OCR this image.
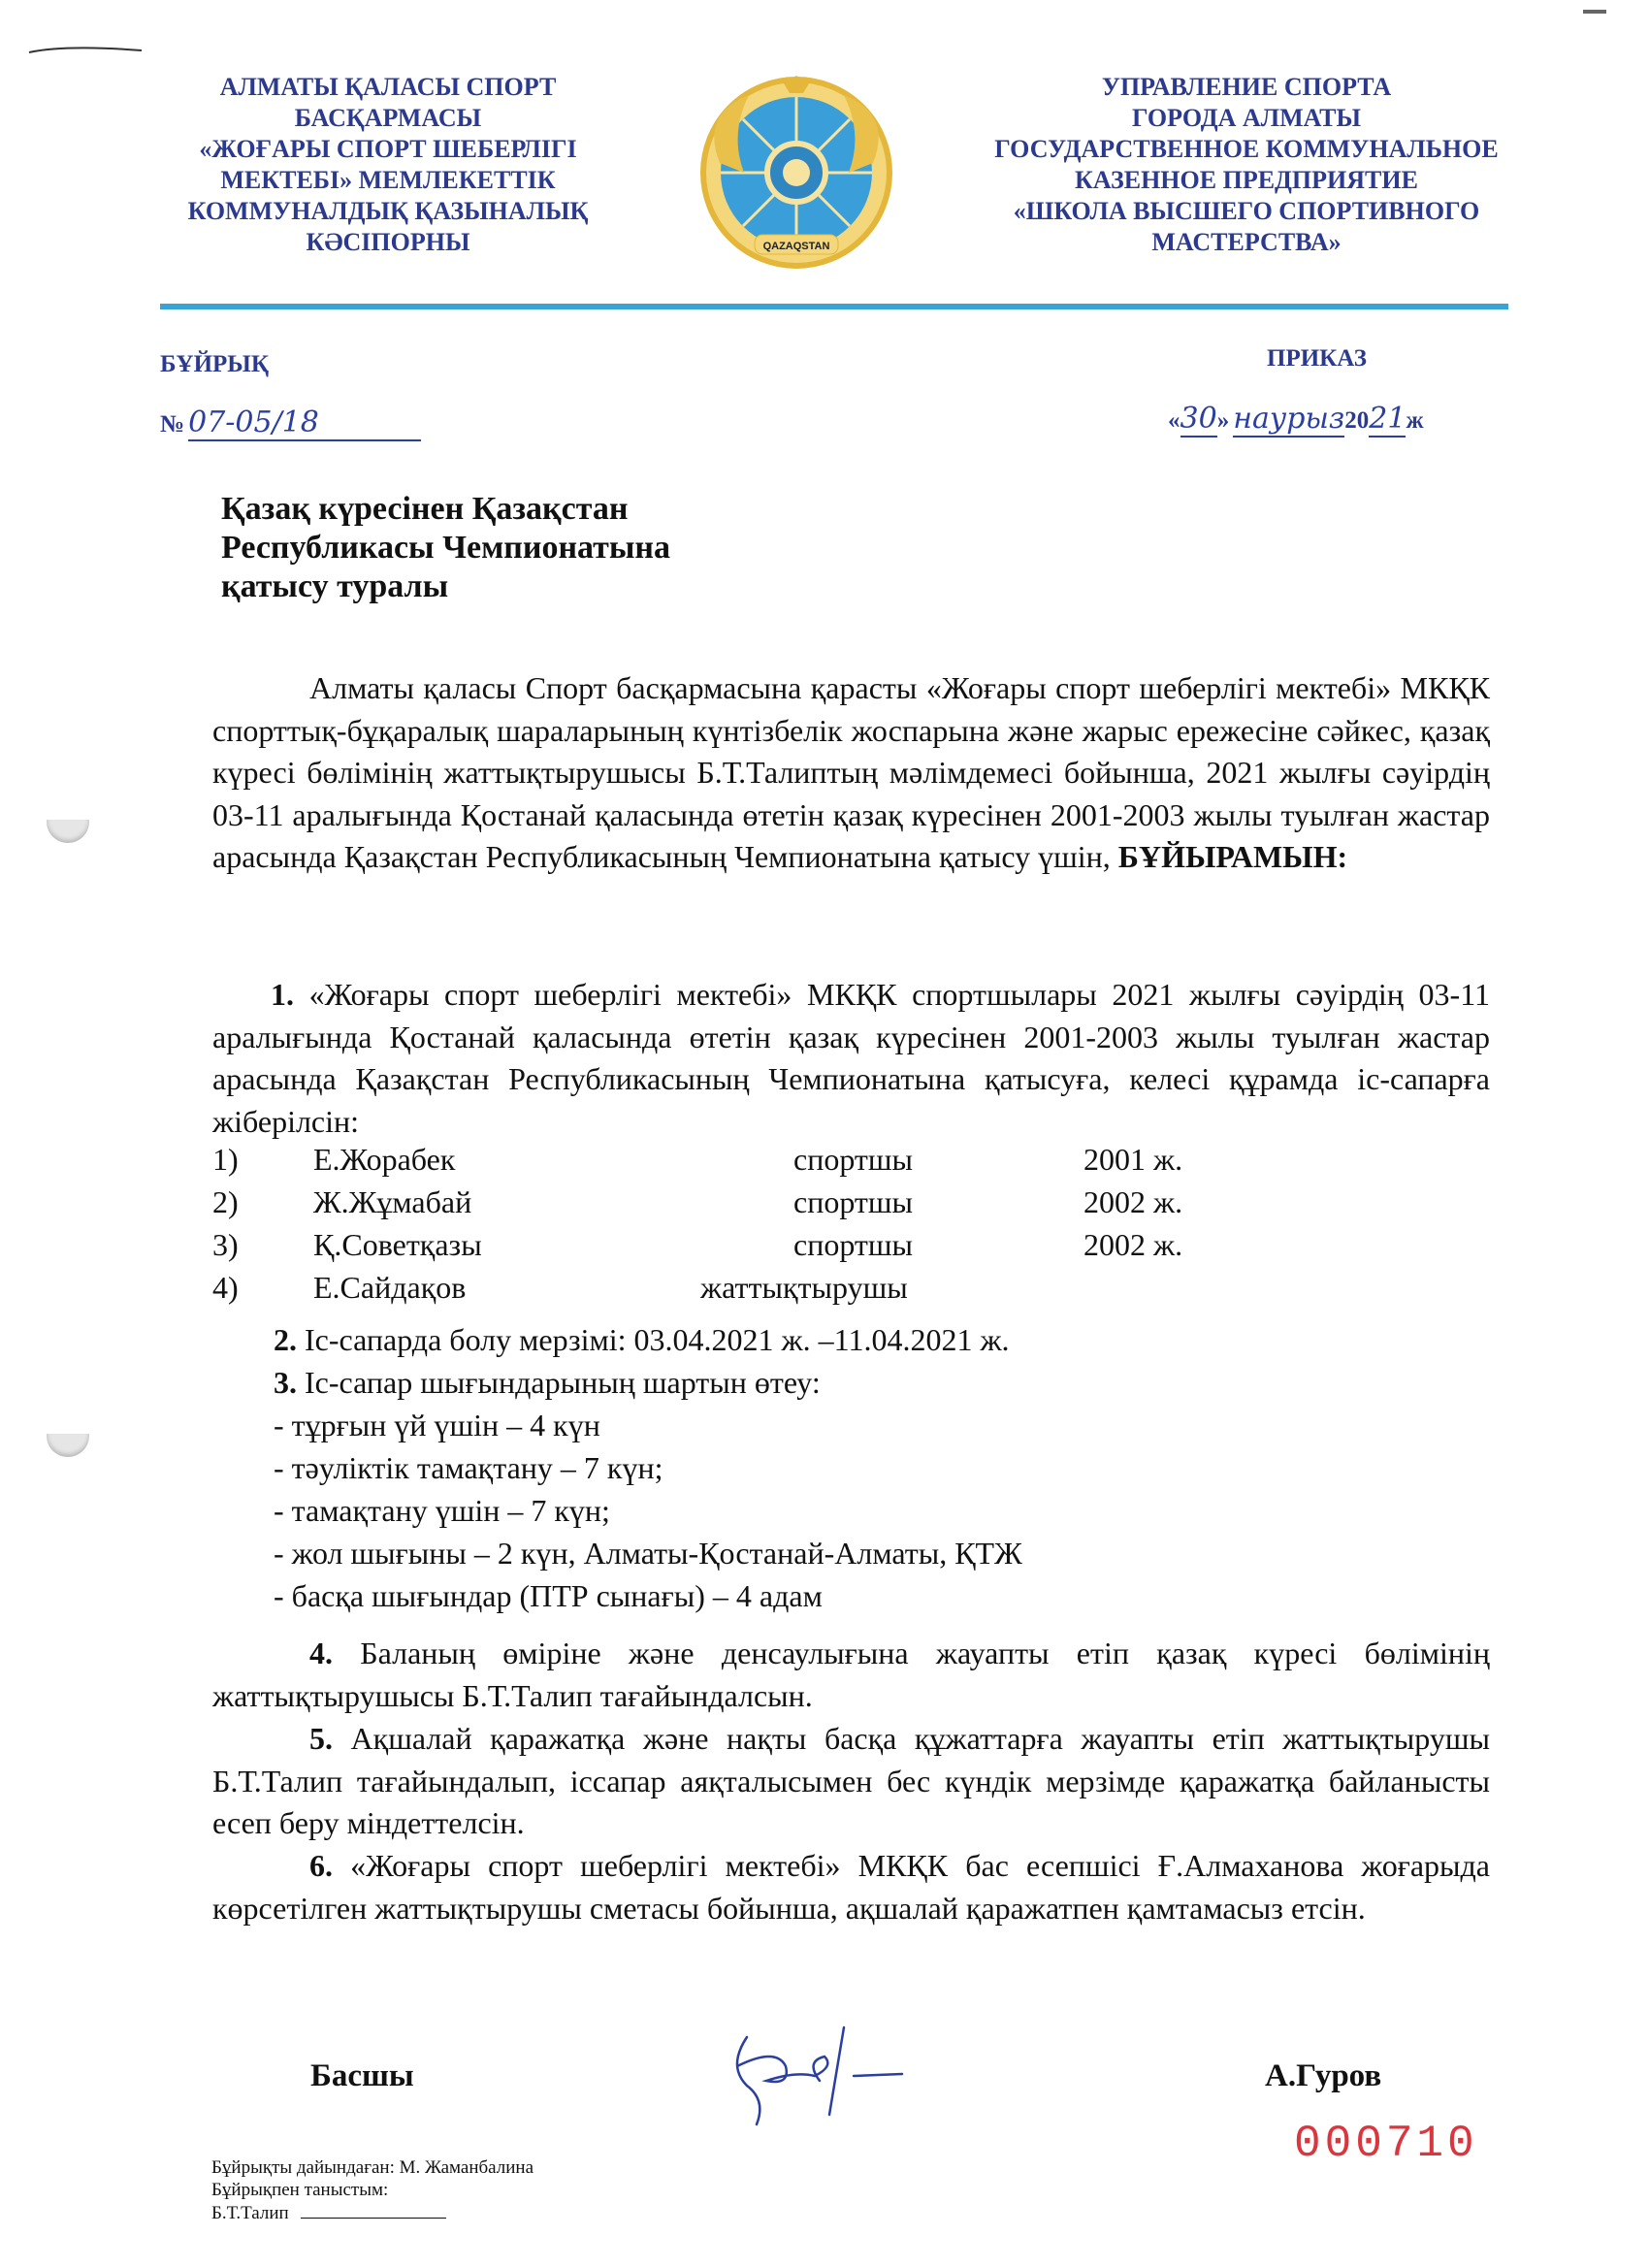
АЛМАТЫ ҚАЛАСЫ СПОРТ
БАСҚАРМАСЫ
«ЖОҒАРЫ СПОРТ ШЕБЕРЛІГІ
МЕКТЕБІ» МЕМЛЕКЕТТІК
КОММУНАЛДЫҚ ҚАЗЫНАЛЫҚ
КӘСІПОРНЫ	QAZAQSTAN
УПРАВЛЕНИЕ СПОРТА
ГОРОДА АЛМАТЫ
ГОСУДАРСТВЕННОЕ КОММУНАЛЬНОЕ
КАЗЕННОЕ ПРЕДПРИЯТИЕ
«ШКОЛА ВЫСШЕГО СПОРТИВНОГО
МАСТЕРСТВА»
БҰЙРЫҚ	ПРИКАЗ
№ 07-05/18	«30» наурыз2021ж
Қазақ күресінен Қазақстан
Республикасы Чемпионатына
қатысу туралы
Алматы қаласы Спорт басқармасына қарасты «Жоғары спорт шеберлігі мектебі» МКҚК спорттық-бұқаралық шараларының күнтізбелік жоспарына және жарыс ережесіне сәйкес, қазақ күресі бөлімінің жаттықтырушысы Б.Т.Талиптың мәлімдемесі бойынша, 2021 жылғы сәуірдің 03-11 аралығында Қостанай қаласында өтетін қазақ күресінен 2001-2003 жылы туылған жастар арасында Қазақстан Республикасының Чемпионатына қатысу үшін, БҰЙЫРАМЫН:
1. «Жоғары спорт шеберлігі мектебі» МКҚК спортшылары 2021 жылғы сәуірдің 03-11 аралығында Қостанай қаласында өтетін қазақ күресінен 2001-2003 жылы туылған жастар арасында Қазақстан Республикасының Чемпионатына қатысуға, келесі құрамда іс-сапарға жіберілсін:
1) Е.Жорабек	спортшы	2001 ж.
2) Ж.Жұмабай	спортшы	2002 ж.
3) Қ.Советқазы	спортшы	2002 ж.
4) Е.Сайдақов	жаттықтырушы
2. Іс-сапарда болу мерзімі: 03.04.2021 ж. –11.04.2021 ж.
3. Іс-сапар шығындарының шартын өтеу:
- тұрғын үй үшін – 4 күн
- тәуліктік тамақтану – 7 күн;
- тамақтану үшін – 7 күн;
- жол шығыны – 2 күн, Алматы-Қостанай-Алматы, ҚТЖ
- басқа шығындар (ПТР сынағы) – 4 адам
4. Баланың өміріне және денсаулығына жауапты етіп қазақ күресі бөлімінің жаттықтырушысы Б.Т.Талип тағайындалсын.
5. Ақшалай қаражатқа және нақты басқа құжаттарға жауапты етіп жаттықтырушы Б.Т.Талип тағайындалып, іссапар аяқталысымен бес күндік мерзімде қаражатқа байланысты есеп беру міндеттелсін.
6. «Жоғары спорт шеберлігі мектебі» МКҚК бас есепшісі Ғ.Алмаханова жоғарыда көрсетілген жаттықтырушы сметасы бойынша, ақшалай қаражатпен қамтамасыз етсін.
Басшы	А.Гуров
Бұйрықты дайындаған: М. Жаманбалина
Бұйрықпен таныстым:
Б.Т.Талип
000710
